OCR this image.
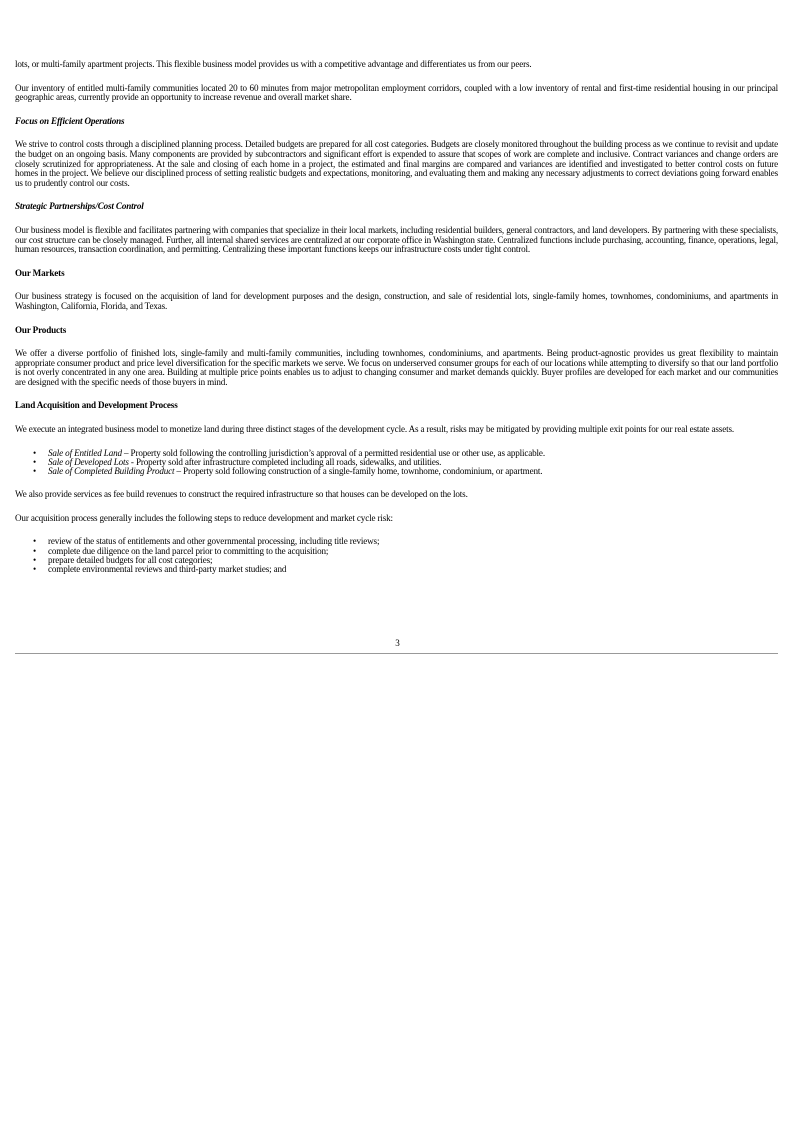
lots, or multi-family apartment projects. This flexible business model provides us with a competitive advantage and differentiates us from our peers.

Our inventory of entitled multi-family communities located 20 to 60 minutes from major metropolitan employment corridors, coupled with a low inventory of rental and first-time residential housing in our principal geographic areas, currently provide an opportunity to increase revenue and overall market share.

Focus on Efficient Operations

We strive to control costs through a disciplined planning process. Detailed budgets are prepared for all cost categories. Budgets are closely monitored throughout the building process as we continue to revisit and update the budget on an ongoing basis. Many components are provided by subcontractors and significant effort is expended to assure that scopes of work are complete and inclusive. Contract variances and change orders are closely scrutinized for appropriateness. At the sale and closing of each home in a project, the estimated and final margins are compared and variances are identified and investigated to better control costs on future homes in the project. We believe our disciplined process of setting realistic budgets and expectations, monitoring, and evaluating them and making any necessary adjustments to correct deviations going forward enables us to prudently control our costs.

Strategic Partnerships/Cost Control

Our business model is flexible and facilitates partnering with companies that specialize in their local markets, including residential builders, general contractors, and land developers. By partnering with these specialists, our cost structure can be closely managed. Further, all internal shared services are centralized at our corporate office in Washington state. Centralized functions include purchasing, accounting, finance, operations, legal, human resources, transaction coordination, and permitting. Centralizing these important functions keeps our infrastructure costs under tight control.

Our Markets

Our business strategy is focused on the acquisition of land for development purposes and the design, construction, and sale of residential lots, single-family homes, townhomes, condominiums, and apartments in Washington, California, Florida, and Texas.

Our Products

We offer a diverse portfolio of finished lots, single-family and multi-family communities, including townhomes, condominiums, and apartments. Being product-agnostic provides us great flexibility to maintain appropriate consumer product and price level diversification for the specific markets we serve. We focus on underserved consumer groups for each of our locations while attempting to diversify so that our land portfolio is not overly concentrated in any one area. Building at multiple price points enables us to adjust to changing consumer and market demands quickly. Buyer profiles are developed for each market and our communities are designed with the specific needs of those buyers in mind.

Land Acquisition and Development Process

We execute an integrated business model to monetize land during three distinct stages of the development cycle. As a result, risks may be mitigated by providing multiple exit points for our real estate assets.

• Sale of Entitled Land – Property sold following the controlling jurisdiction’s approval of a permitted residential use or other use, as applicable.
• Sale of Developed Lots - Property sold after infrastructure completed including all roads, sidewalks, and utilities.
• Sale of Completed Building Product – Property sold following construction of a single-family home, townhome, condominium, or apartment.

We also provide services as fee build revenues to construct the required infrastructure so that houses can be developed on the lots.

Our acquisition process generally includes the following steps to reduce development and market cycle risk:

• review of the status of entitlements and other governmental processing, including title reviews;
• complete due diligence on the land parcel prior to committing to the acquisition;
• prepare detailed budgets for all cost categories;
• complete environmental reviews and third-party market studies; and
3
